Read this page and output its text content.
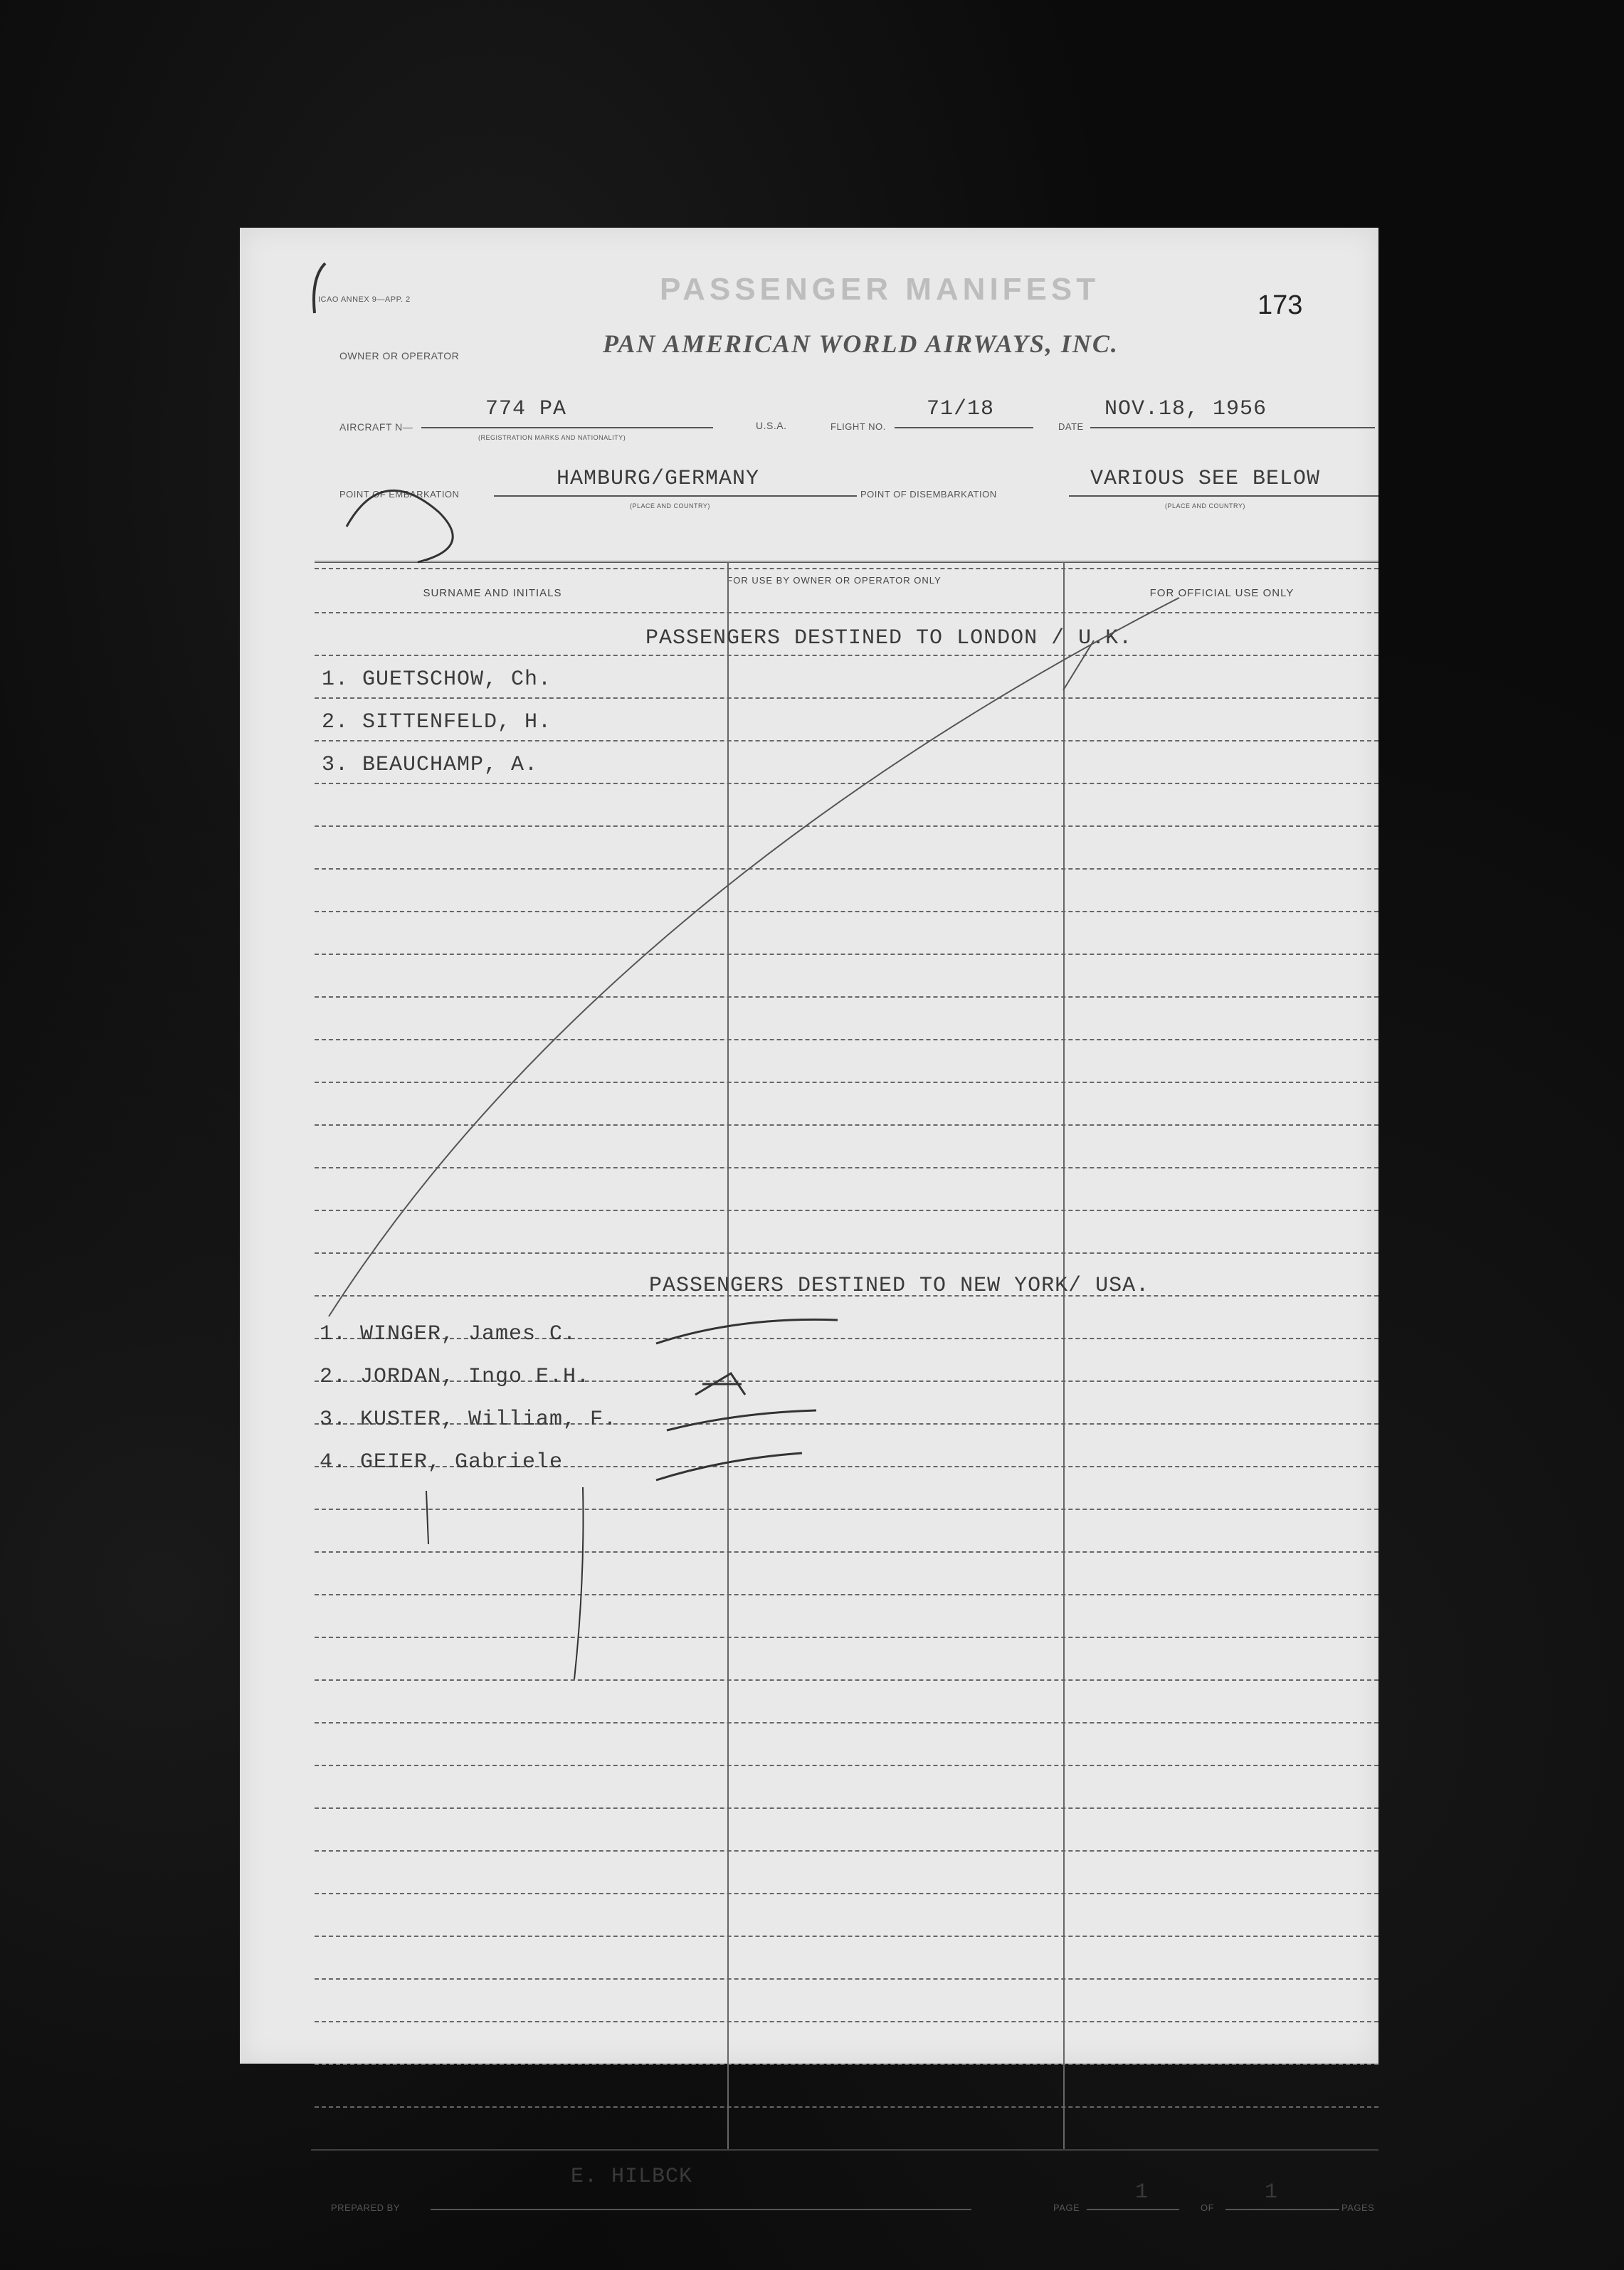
ICAO ANNEX 9—APP. 2	PASSENGER MANIFEST	173
OWNER OR OPERATOR	PAN AMERICAN WORLD AIRWAYS, INC.
AIRCRAFT N—
774 PA
(REGISTRATION MARKS AND NATIONALITY)
U.S.A.	FLIGHT NO.
71/18
DATE
NOV.18, 1956
POINT OF EMBARKATION
HAMBURG/GERMANY
(PLACE AND COUNTRY)
POINT OF DISEMBARKATION
VARIOUS SEE BELOW
(PLACE AND COUNTRY)
SURNAME AND INITIALS
FOR USE BY OWNER OR OPERATOR ONLY
FOR OFFICIAL USE ONLY
PASSENGERS DESTINED TO LONDON / U.K.
1. GUETSCHOW, Ch.
2. SITTENFELD, H.
3. BEAUCHAMP, A.
PASSENGERS DESTINED TO NEW YORK/ USA.
1. WINGER, James C.
2. JORDAN, Ingo E.H.
3. KUSTER, William, F.
4. GEIER, Gabriele
E. HILBCK
PREPARED BY	PAGE
1
OF
1
PAGES
